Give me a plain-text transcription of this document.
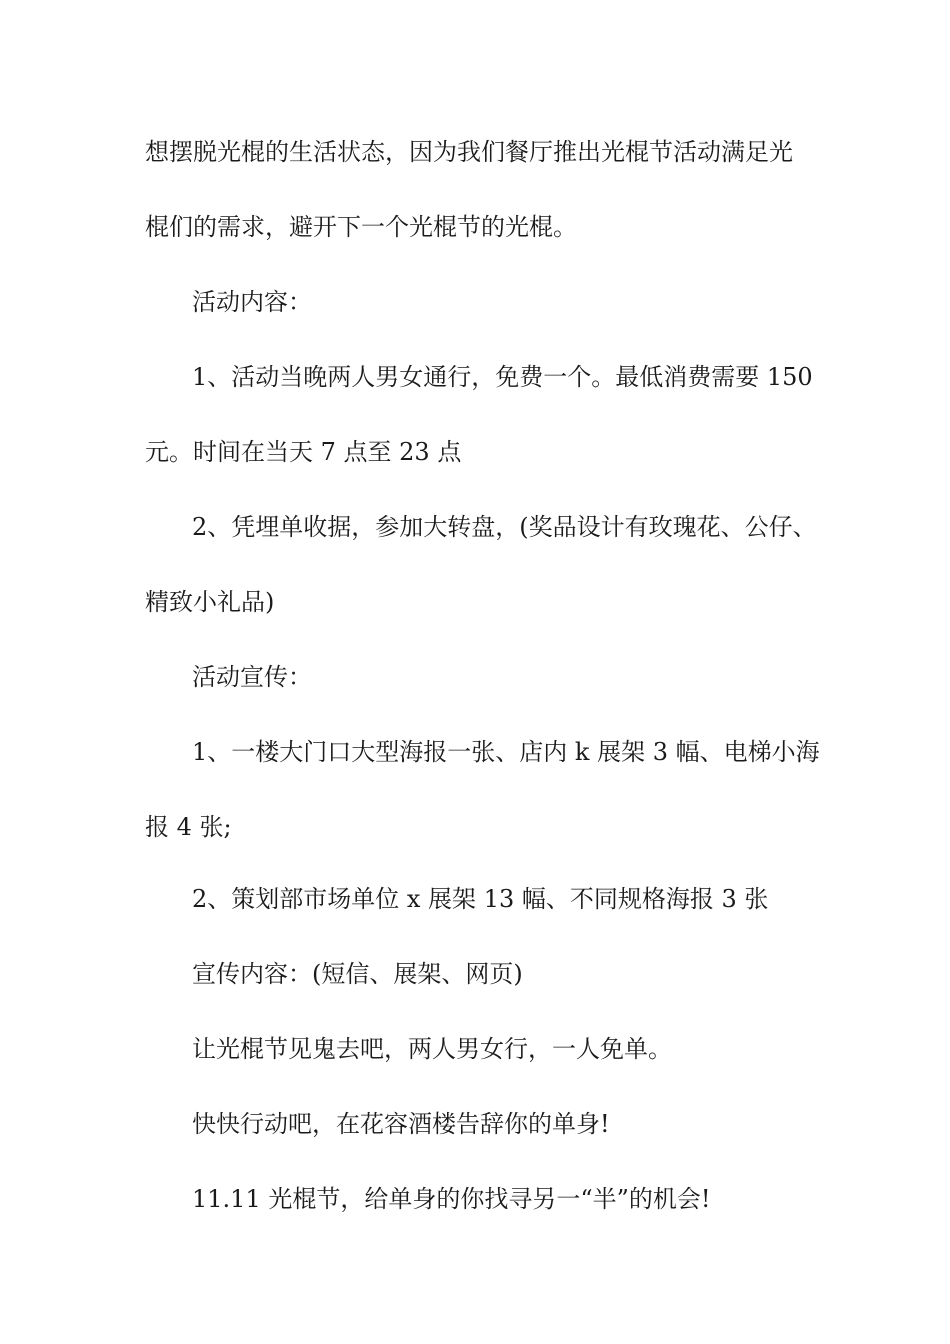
想摆脱光棍的生活状态，因为我们餐厅推出光棍节活动满足光
棍们的需求，避开下一个光棍节的光棍。
活动内容：
1、活动当晚两人男女通行，免费一个。最低消费需要 150
元。时间在当天 7 点至 23 点
2、凭埋单收据，参加大转盘，(奖品设计有玫瑰花、公仔、
精致小礼品)
活动宣传：
1、一楼大门口大型海报一张、店内 k 展架 3 幅、电梯小海
报 4 张;
2、策划部市场单位 x 展架 13 幅、不同规格海报 3 张
宣传内容：(短信、展架、网页)
让光棍节见鬼去吧，两人男女行，一人免单。
快快行动吧，在花容酒楼告辞你的单身!
11.11 光棍节，给单身的你找寻另一“半”的机会!
